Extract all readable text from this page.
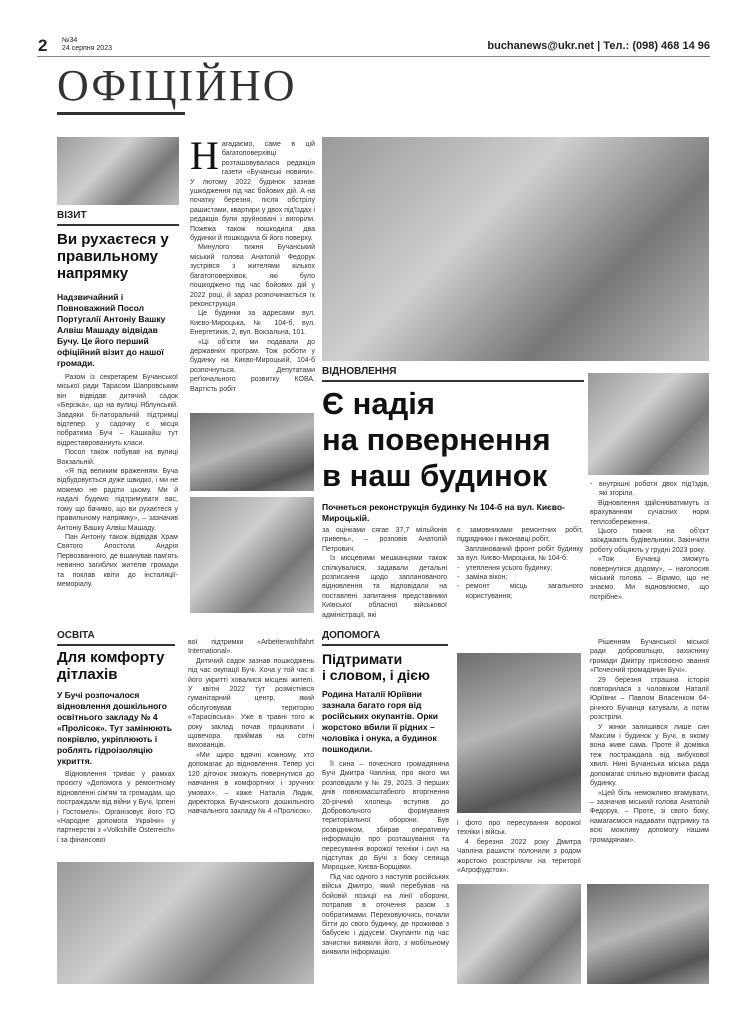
2 №34
24 серпня 2023	buchanews@ukr.net | Тел.: (098) 468 14 96
ОФІЦІЙНО
ВІЗИТ
Ви рухаєтеся у правильному напрямку
Надзвичайний і Повноважний Посол Португалії Антоніу Вашку Алвіш Машаду відвідав Бучу. Це його перший офіційний візит до нашої громади.

Разом із секретарем Бучанської міської ради Тарасом Шапровським він відвідав дитячий садок «Берізка», що на вулиці Яблунській. Завдяки бі-латоральній підтримці відтепер у садочку є місця побратима Бучі – Кашкайш тут відреставрованиуть класи.

Посол також побував на вулиці Вокзальній.

«Я під великим враженням. Буча відбудовується дуже швидко, і ми не можемо не радіти цьому. Ми й надалі будемо підтримувати вас, тому що бачимо, що ви рухаєтеся у правильному напрямку», – зазначив Антоніу Вашку Алвіш Машаду.

Пан Антоніу також відвідав Храм Святого Апостола Андрія Первозванного, де вшанував пам'ять невинно загиблих жителів громади та поклав квіти до інсталяції-меморіалу.

Н агадаємо, саме в цій багатоповерхівці розташовувалася редакція газети «Бучанські новини». У лютому 2022 будинок зазнав ушкодження під час бойових дій. А на початку березня, після обстрілу рашистами, квартири у двох під'їздах і редакція були зруйновані і вигоріли. Пожежа також пошкодила два будинки й пошкодила бі його поверху.

Минулого тижня Бучанський міський голова Анатолій Федорук зустрівся з жителями кількох багатоповерхівок, які було пошкоджено під час бойових дій у 2022 році, й зараз розпочинається їх реконструкція.

Це будинки за адресами вул. Києво-Мироцька, № 104-б, вул. Енергетиків, 2, вул. Вокзальна, 101.

«Ці об'єкти ми подавали до державних програм. Тож роботи у будинку на Києво-Мироцькій, 104-б розпочнуться. Депутатами реґіонального розвитку КОВА. Вартість робіт

ВІДНОВЛЕННЯ
Є надія
на повернення
в наш будинок
Почнеться реконструкція будинку № 104-б на вул. Києво-Мироцькій.

за оцінками сягає 37,7 мільйонів гривень», – розповів Анатолій Петрович.

Із місцевими мешканцями також спілкувалися, задавали детальні розписання щодо запланованого відновлення та відповідали на поставлені запитання представники Київської обласної військової адміністрації, які

є замовниками ремонтних робіт, підрядники і виконавці робіт.

Запланований фронт робіт будинку за вул. Києво-Мироцька, № 104-б:

- утеплення усього будинку;
- заміна вікон;
- ремонт місць загального користування;
- внутрішні роботи двох під'їздів, які згоріли.

Відновлення здійснюватимуть із врахуванням сучасних норм теплозбереження.

Цього тижня на об'єкт заїжджають будівельники. Закінчити роботу обіцяють у грудні 2023 року.

«Тож Бучанці зможуть повернутися додому», – наголосив міський голова. – Віримо, що не знаємо. Ми відновлюємо, що потрібне».

ОСВІТА
Для комфорту
дітлахів
У Бучі розпочалося відновлення дошкільного освітнього закладу № 4 «Пролісок». Тут замінюють покрівлю, укріплюють і роблять гідроізоляцію укриття.

Відновлення триває у рамках проєкту «Допомога у ремонтному відновленні сім'ям та громадам, що постраждали від війни у Бучі, Ірпені і Гостомелі». Організовує його ГО «Народне допомога України» у партнерстві з «Volkshilfe Österreich» і за фінансової

вої підтримки «Arbeiterwohlfahrt International».

Дитячий садок зазнав пошкоджень під час окупації Бучі. Хоча у той час в його укритті ховалися місцеві жителі. У квітні 2022 тут розмістився гуманітарний центр, який обслуговував територію «Тарасівська». Уже в травні того ж року заклад почав працювати і щовечора приймав на сотні вихованців.

«Ми щиро вдячні кожному, хто допомагає до відновлення. Тепер усі 120 діточок зможуть повернутися до навчання в комфортних і зручних умовах», – каже Наталія Лядик, директорка Бучанського дошкільного навчального закладу № 4 «Пролісок».

ДОПОМОГА
Підтримати
і словом, і дією
Родина Наталії Юріївни зазнала багато горя від російських окупантів. Орки жорстоко вбили її рідних – чоловіка і онука, а будинок пошкодили.

Її сина – почесного громадянина Бучі Дмитра Чапліна, про якого ми розповідали у № 29, 2023. З перших днів повномасштабного вторгнення 20-річний хлопець вступив до Добровольчого формування територіальної оборони. Був розвідником, збирав оперативну інформацію про розташування та пересування ворожої техніки і сил на підступах до Бучі з боку селища Мироцьке, Києва-Борщівки.

Під час одного з наступів російських військ Дмитро, який перебував на бойовій позиції на лінії оборони, потрапив в оточення разом з побратимами. Переховуючись, почали бігти до свого будинку, де проживав з бабусею і дідусем. Окупанти під час зачистки виявили його, з мобільному виявили інформацію

і фото про пересування ворожої техніки і військ.

4 березня 2022 року Дмитра Чапліна рашисти полонили з родом жорстоко розстріляли на території «Агрофудсток».

Рішенням Бучанської міської ради добровольцю, захиснику громади Дмитру присвоєно звання «Почесний громадянин Бучі».

29 березня страшна історія повторилася з чоловіком Наталії Юріївни – Павлом Власенком 64-річного Бучанця катували, а потім розстріли.

У жінки залишився лише син Максим і будинок у Бучі, в якому вона живе сама. Проте й домівка теж постраждала від вибухової хвилі. Нині Бучанська міська рада допомагає спільно відновити фасад будинку.

«Цей біль неможливо вгамувати, – зазначив міський голова Анатолій Федорук. – Проте, зі свого боку, намагаємося надавати підтримку та всю можливу допомогу нашим громадянам».
